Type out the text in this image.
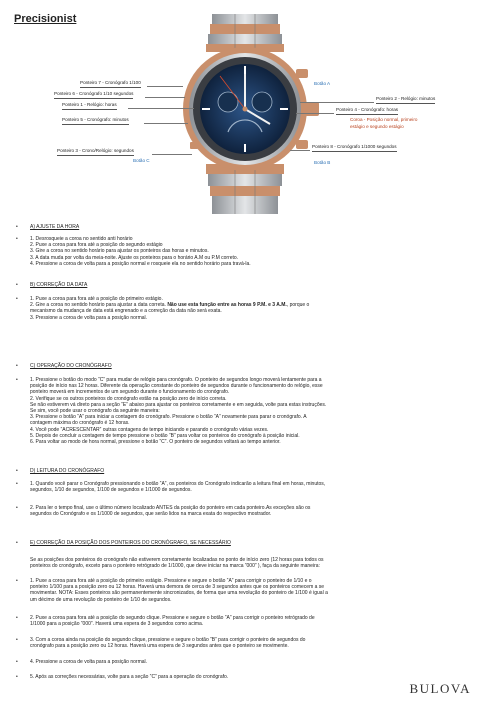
Precisionist
Ponteiro 7 - Cronógrafo 1/100
Ponteiro 6 - Cronógrafo 1/10 segundos
Ponteiro 1 - Relógio: horas
Ponteiro 5 - Cronógrafo: minutos
Ponteiro 3 - Crono/Relógio: segundos
Botão C
Botão A
Ponteiro 2 - Relógio: minutos
Ponteiro 4 - Cronógrafo: horas
Coroa - Posição normal, primeiro
estágio e segundo estágio
Ponteiro 8 - Cronógrafo 1/1000 segundos
Botão B
• A) AJUSTE DA HORA
• 1. Desrosqueie a coroa no sentido anti horário
2. Puxe a coroa para fora até a posição do segundo estágio
3. Gire a coroa no sentido horário para ajustar os ponteiros das horas e minutos.
3. A data muda por volta da meia-noite. Ajuste os ponteiros para o horário A.M ou P.M correto.
4. Pressione a coroa de volta para a posição normal e rosqueie ela no sentido horário para travá-la.
• B) CORREÇÃO DA DATA
• 1. Puxe a coroa para fora até a posição do primeiro estágio.
2. Gire a coroa no sentido horário para ajustar a data correta. Não use esta função entre as horas 9 P.M. e 3 A.M., porque o
mecanismo da mudança de data está engrenado e a correção da data não será exata.
3. Pressione a coroa de volta para a posição normal.
• C) OPERAÇÃO DO CRONÓGRAFO
• 1. Pressione o botão do modo “C” para mudar de relógio para cronógrafo. O ponteiro de segundos longo moverá lentamente para a
posição de início nas 12 horas. Diferente da operação constante do ponteiro de segundos durante o funcionamento do relógio, esse
ponteiro moverá em incrementos de um segundo durante o funcionamento do cronógrafo.
2. Verifique se os outros ponteiros do cronógrafo estão na posição zero de início correta.
Se não estiverem vá direto para a seção “E” abaixo para ajustar os ponteiros corretamente e em seguida, volte para estas instruções.
Se sim, você pode usar o cronógrafo da seguinte maneira:
3. Pressione o botão “A” para iniciar a contagem do cronógrafo. Pressione o botão “A” novamente para parar o cronógrafo. A
contagem máxima do cronógrafo é 12 horas.
4. Você pode “ACRESCENTAR” outras contagens de tempo iniciando e parando o cronógrafo várias vezes.
5. Depois de concluir a contagem de tempo pressione o botão “B” para voltar os ponteiros do cronógrafo à posição inicial.
6. Para voltar ao modo de hora normal, pressione o botão “C”. O ponteiro de segundos voltará ao tempo anterior.
• D) LEITURA DO CRONÓGRAFO
• 1. Quando você parar o Cronógrafo pressionando o botão “A”, os ponteiros do Cronógrafo indicarão a leitura final em horas, minutos,
segundos, 1/10 de segundos, 1/100 de segundos e 1/1000 de segundos.
• 2. Para ler o tempo final, use o último número localizado ANTES da posição do ponteiro em cada ponteiro.As exceções são os
segundos do Cronógrafo e os 1/1000 de segundos, que serão lidos na marca exata do respectivo mostrador.
• E) CORREÇÃO DA POSIÇÃO DOS PONTEIROS DO CRONÓGRAFO, SE NECESSÁRIO
Se as posições dos ponteiros do cronógrafo não estiverem corretamente localizadas no ponto de início zero (12 horas para todos os
ponteiros do cronógrafo, exceto para o ponteiro retrógrado de 1/1000, que deve iniciar na marca “000” ), faça da seguinte maneira:
• 1. Puxe a coroa para fora até a posição do primeiro estágio. Pressione e segure o botão “A” para corrigir o ponteiro de 1/10 e o
ponteiro 1/100 para a posição zero ou 12 horas. Haverá uma demora de cerca de 3 segundos antes que os ponteiros comecem a se
movimentar. NOTA: Esses ponteiros são permanentemente sincronizados, de forma que uma revolução do ponteiro de 1/100 é igual a
um décimo de uma revolução do ponteiro de 1/10 de segundos.
• 2. Puxe a coroa para fora até a posição do segundo clique. Pressione e segure o botão “A” para corrigir o ponteiro retrógrado de
1/1000 para a posição “000”. Haverá uma espera de 3 segundos como acima.
• 3. Com a coroa ainda na posição do segundo clique, pressione e segure o botão “B” para corrigir o ponteiro de segundos do
cronógrafo para a posição zero ou 12 horas. Haverá uma espera de 3 segundos antes que o ponteiro se movimente.
• 4. Pressione a coroa de volta para a posição normal.
• 5. Após as correções necessárias, volte para a seção “C” para a operação do cronógrafo.
BULOVA
